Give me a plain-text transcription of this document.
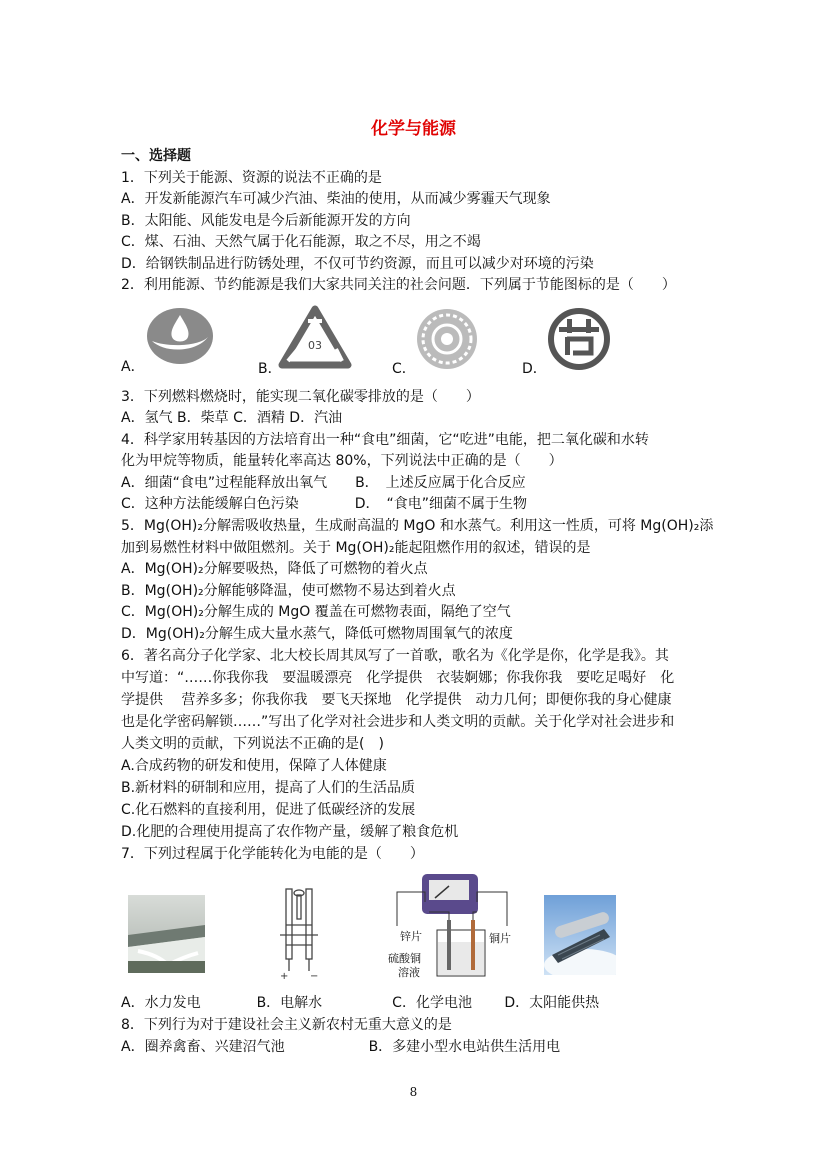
化学与能源
一、选择题
1．下列关于能源、资源的说法不正确的是
A．开发新能源汽车可减少汽油、柴油的使用，从而减少雾霾天气现象
B．太阳能、风能发电是今后新能源开发的方向
C．煤、石油、天然气属于化石能源，取之不尽，用之不竭
D．给钢铁制品进行防锈处理，不仅可节约资源，而且可以减少对环境的污染
2．利用能源、节约能源是我们大家共同关注的社会问题．下列属于节能图标的是（　　）
A．
03
B．	C．	D．
3．下列燃料燃烧时，能实现二氧化碳零排放的是（　　）
A．氢气 B．柴草 C．酒精 D．汽油
4．科学家用转基因的方法培育出一种“食电”细菌，它“吃进”电能，把二氧化碳和水转
化为甲烷等物质，能量转化率高达 80%，下列说法中正确的是（　　）
A．细菌“食电”过程能释放出氧气　　B．　上述反应属于化合反应
C．这种方法能缓解白色污染　　　　D．　“食电”细菌不属于生物
5．Mg(OH)₂分解需吸收热量，生成耐高温的 MgO 和水蒸气。利用这一性质，可将 Mg(OH)₂添
加到易燃性材料中做阻燃剂。关于 Mg(OH)₂能起阻燃作用的叙述，错误的是
A．Mg(OH)₂分解要吸热，降低了可燃物的着火点
B．Mg(OH)₂分解能够降温，使可燃物不易达到着火点
C．Mg(OH)₂分解生成的 MgO 覆盖在可燃物表面，隔绝了空气
D．Mg(OH)₂分解生成大量水蒸气，降低可燃物周围氧气的浓度
6．著名高分子化学家、北大校长周其凤写了一首歌，歌名为《化学是你，化学是我》。其
中写道：“……你我你我　要温暖漂亮　化学提供　衣装婀娜；你我你我　要吃足喝好　化
学提供　 营养多多；你我你我　要飞天探地　化学提供　动力几何；即便你我的身心健康
也是化学密码解锁……”写出了化学对社会进步和人类文明的贡献。关于化学对社会进步和
人类文明的贡献，下列说法不正确的是(　)
A.合成药物的研发和使用，保障了人体健康
B.新材料的研制和应用，提高了人们的生活品质
C.化石燃料的直接利用，促进了低碳经济的发展
D.化肥的合理使用提高了农作物产量，缓解了粮食危机
7．下列过程属于化学能转化为电能的是（　　）
+ −
锌片	铜片
硫酸铜
溶液
A．水力发电　　　　B．电解水　　　　　C．化学电池　　 D．太阳能供热
8．下列行为对于建设社会主义新农村无重大意义的是
A．圈养禽畜、兴建沼气池　　　　　　B．多建小型水电站供生活用电
8
